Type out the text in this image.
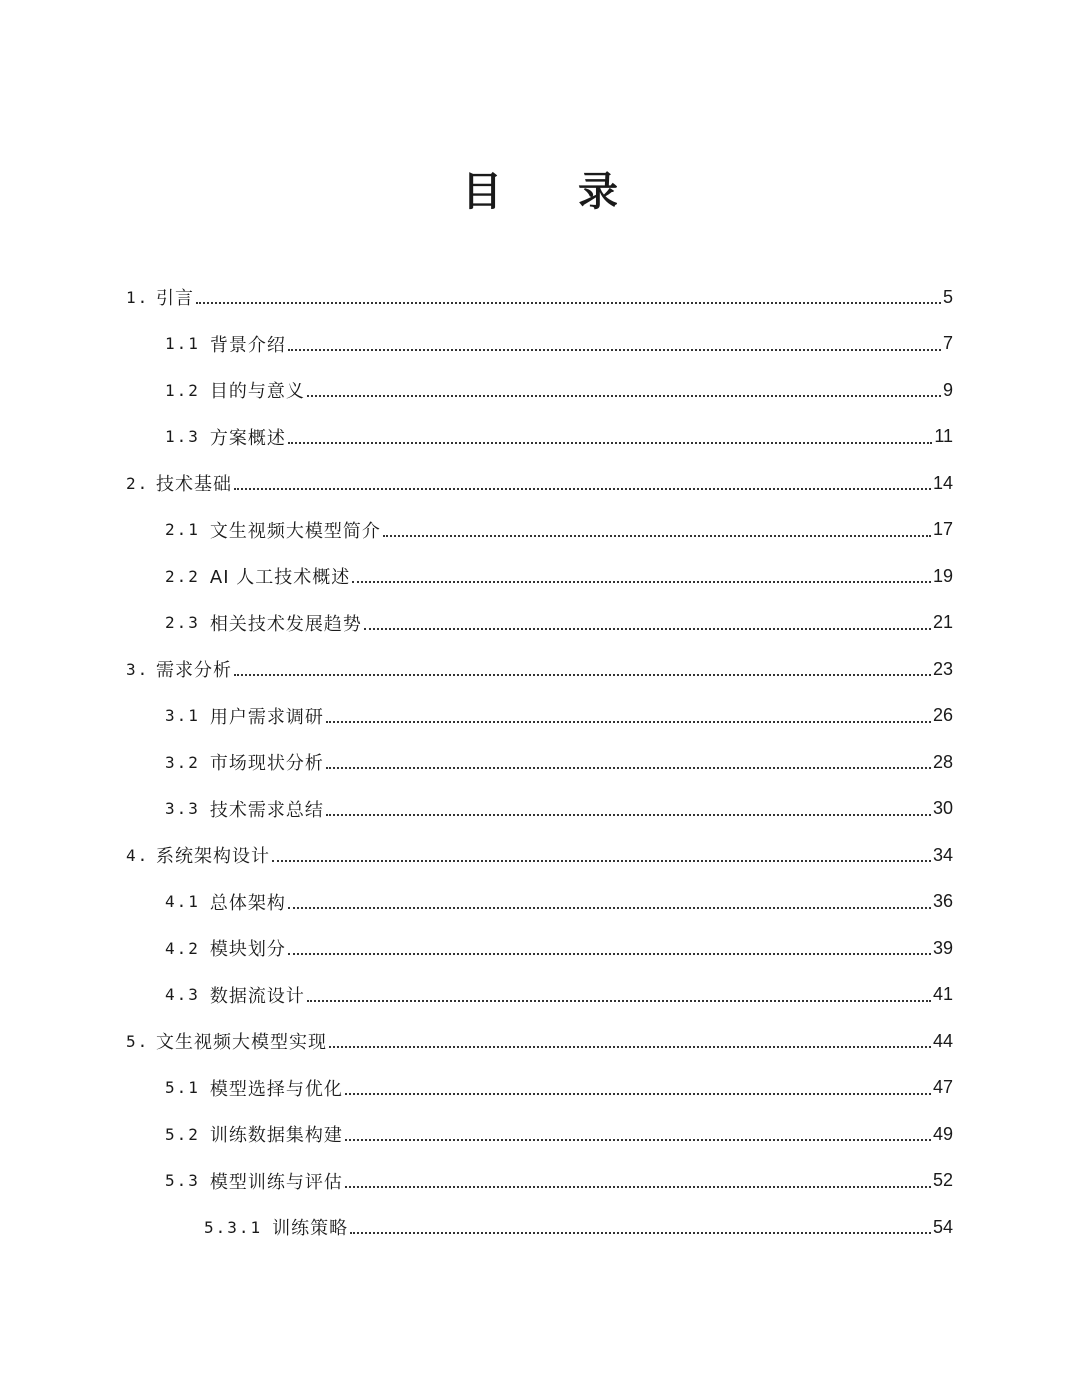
目 录
1. 引言	5
1.1 背景介绍	7
1.2 目的与意义	9
1.3 方案概述	11
2. 技术基础	14
2.1 文生视频大模型简介	17
2.2 AI 人工技术概述	19
2.3 相关技术发展趋势	21
3. 需求分析	23
3.1 用户需求调研	26
3.2 市场现状分析	28
3.3 技术需求总结	30
4. 系统架构设计	34
4.1 总体架构	36
4.2 模块划分	39
4.3 数据流设计	41
5. 文生视频大模型实现	44
5.1 模型选择与优化	47
5.2 训练数据集构建	49
5.3 模型训练与评估	52
5.3.1 训练策略	54
